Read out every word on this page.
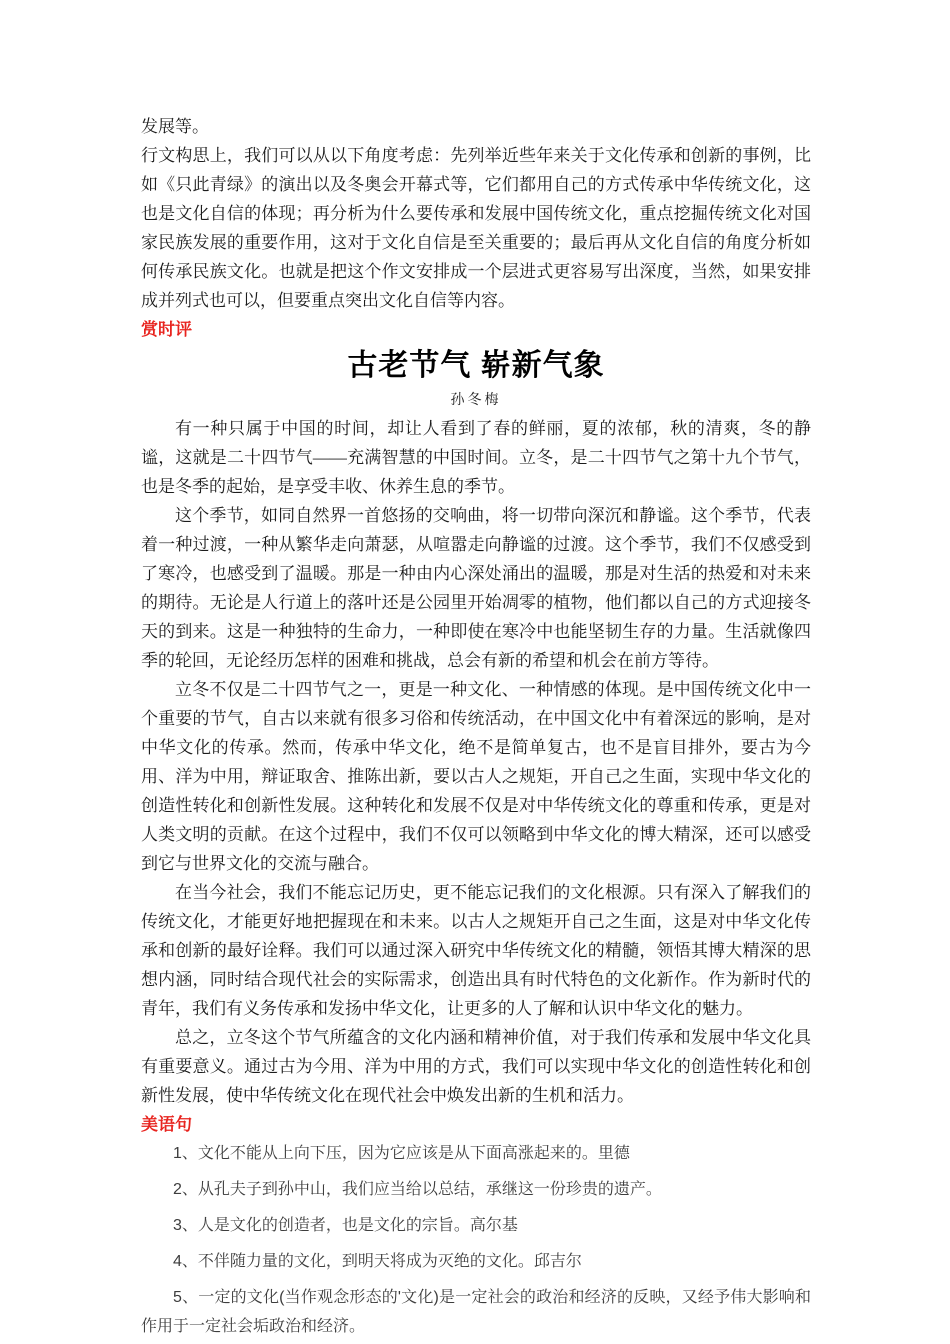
发展等。

行文构思上，我们可以从以下角度考虑：先列举近些年来关于文化传承和创新的事例，比如《只此青绿》的演出以及冬奥会开幕式等，它们都用自己的方式传承中华传统文化，这也是文化自信的体现；再分析为什么要传承和发展中国传统文化，重点挖掘传统文化对国家民族发展的重要作用，这对于文化自信是至关重要的；最后再从文化自信的角度分析如何传承民族文化。也就是把这个作文安排成一个层进式更容易写出深度，当然，如果安排成并列式也可以，但要重点突出文化自信等内容。

赏时评

古老节气 崭新气象

孙冬梅

有一种只属于中国的时间，却让人看到了春的鲜丽，夏的浓郁，秋的清爽，冬的静谧，这就是二十四节气——充满智慧的中国时间。立冬，是二十四节气之第十九个节气，也是冬季的起始，是享受丰收、休养生息的季节。

这个季节，如同自然界一首悠扬的交响曲，将一切带向深沉和静谧。这个季节，代表着一种过渡，一种从繁华走向萧瑟，从喧嚣走向静谧的过渡。这个季节，我们不仅感受到了寒冷，也感受到了温暖。那是一种由内心深处涌出的温暖，那是对生活的热爱和对未来的期待。无论是人行道上的落叶还是公园里开始凋零的植物，他们都以自己的方式迎接冬天的到来。这是一种独特的生命力，一种即使在寒冷中也能坚韧生存的力量。生活就像四季的轮回，无论经历怎样的困难和挑战，总会有新的希望和机会在前方等待。

立冬不仅是二十四节气之一，更是一种文化、一种情感的体现。是中国传统文化中一个重要的节气，自古以来就有很多习俗和传统活动，在中国文化中有着深远的影响，是对中华文化的传承。然而，传承中华文化，绝不是简单复古，也不是盲目排外，要古为今用、洋为中用，辩证取舍、推陈出新，要以古人之规矩，开自己之生面，实现中华文化的创造性转化和创新性发展。这种转化和发展不仅是对中华传统文化的尊重和传承，更是对人类文明的贡献。在这个过程中，我们不仅可以领略到中华文化的博大精深，还可以感受到它与世界文化的交流与融合。

在当今社会，我们不能忘记历史，更不能忘记我们的文化根源。只有深入了解我们的传统文化，才能更好地把握现在和未来。以古人之规矩开自己之生面，这是对中华文化传承和创新的最好诠释。我们可以通过深入研究中华传统文化的精髓，领悟其博大精深的思想内涵，同时结合现代社会的实际需求，创造出具有时代特色的文化新作。作为新时代的青年，我们有义务传承和发扬中华文化，让更多的人了解和认识中华文化的魅力。

总之，立冬这个节气所蕴含的文化内涵和精神价值，对于我们传承和发展中华文化具有重要意义。通过古为今用、洋为中用的方式，我们可以实现中华文化的创造性转化和创新性发展，使中华传统文化在现代社会中焕发出新的生机和活力。

美语句

1、文化不能从上向下压，因为它应该是从下面高涨起来的。里德

2、从孔夫子到孙中山，我们应当给以总结，承继这一份珍贵的遗产。

3、人是文化的创造者，也是文化的宗旨。高尔基

4、不伴随力量的文化，到明天将成为灭绝的文化。邱吉尔

5、一定的文化(当作观念形态的'文化)是一定社会的政治和经济的反映，又经予伟大影响和作用于一定社会垢政治和经济。
